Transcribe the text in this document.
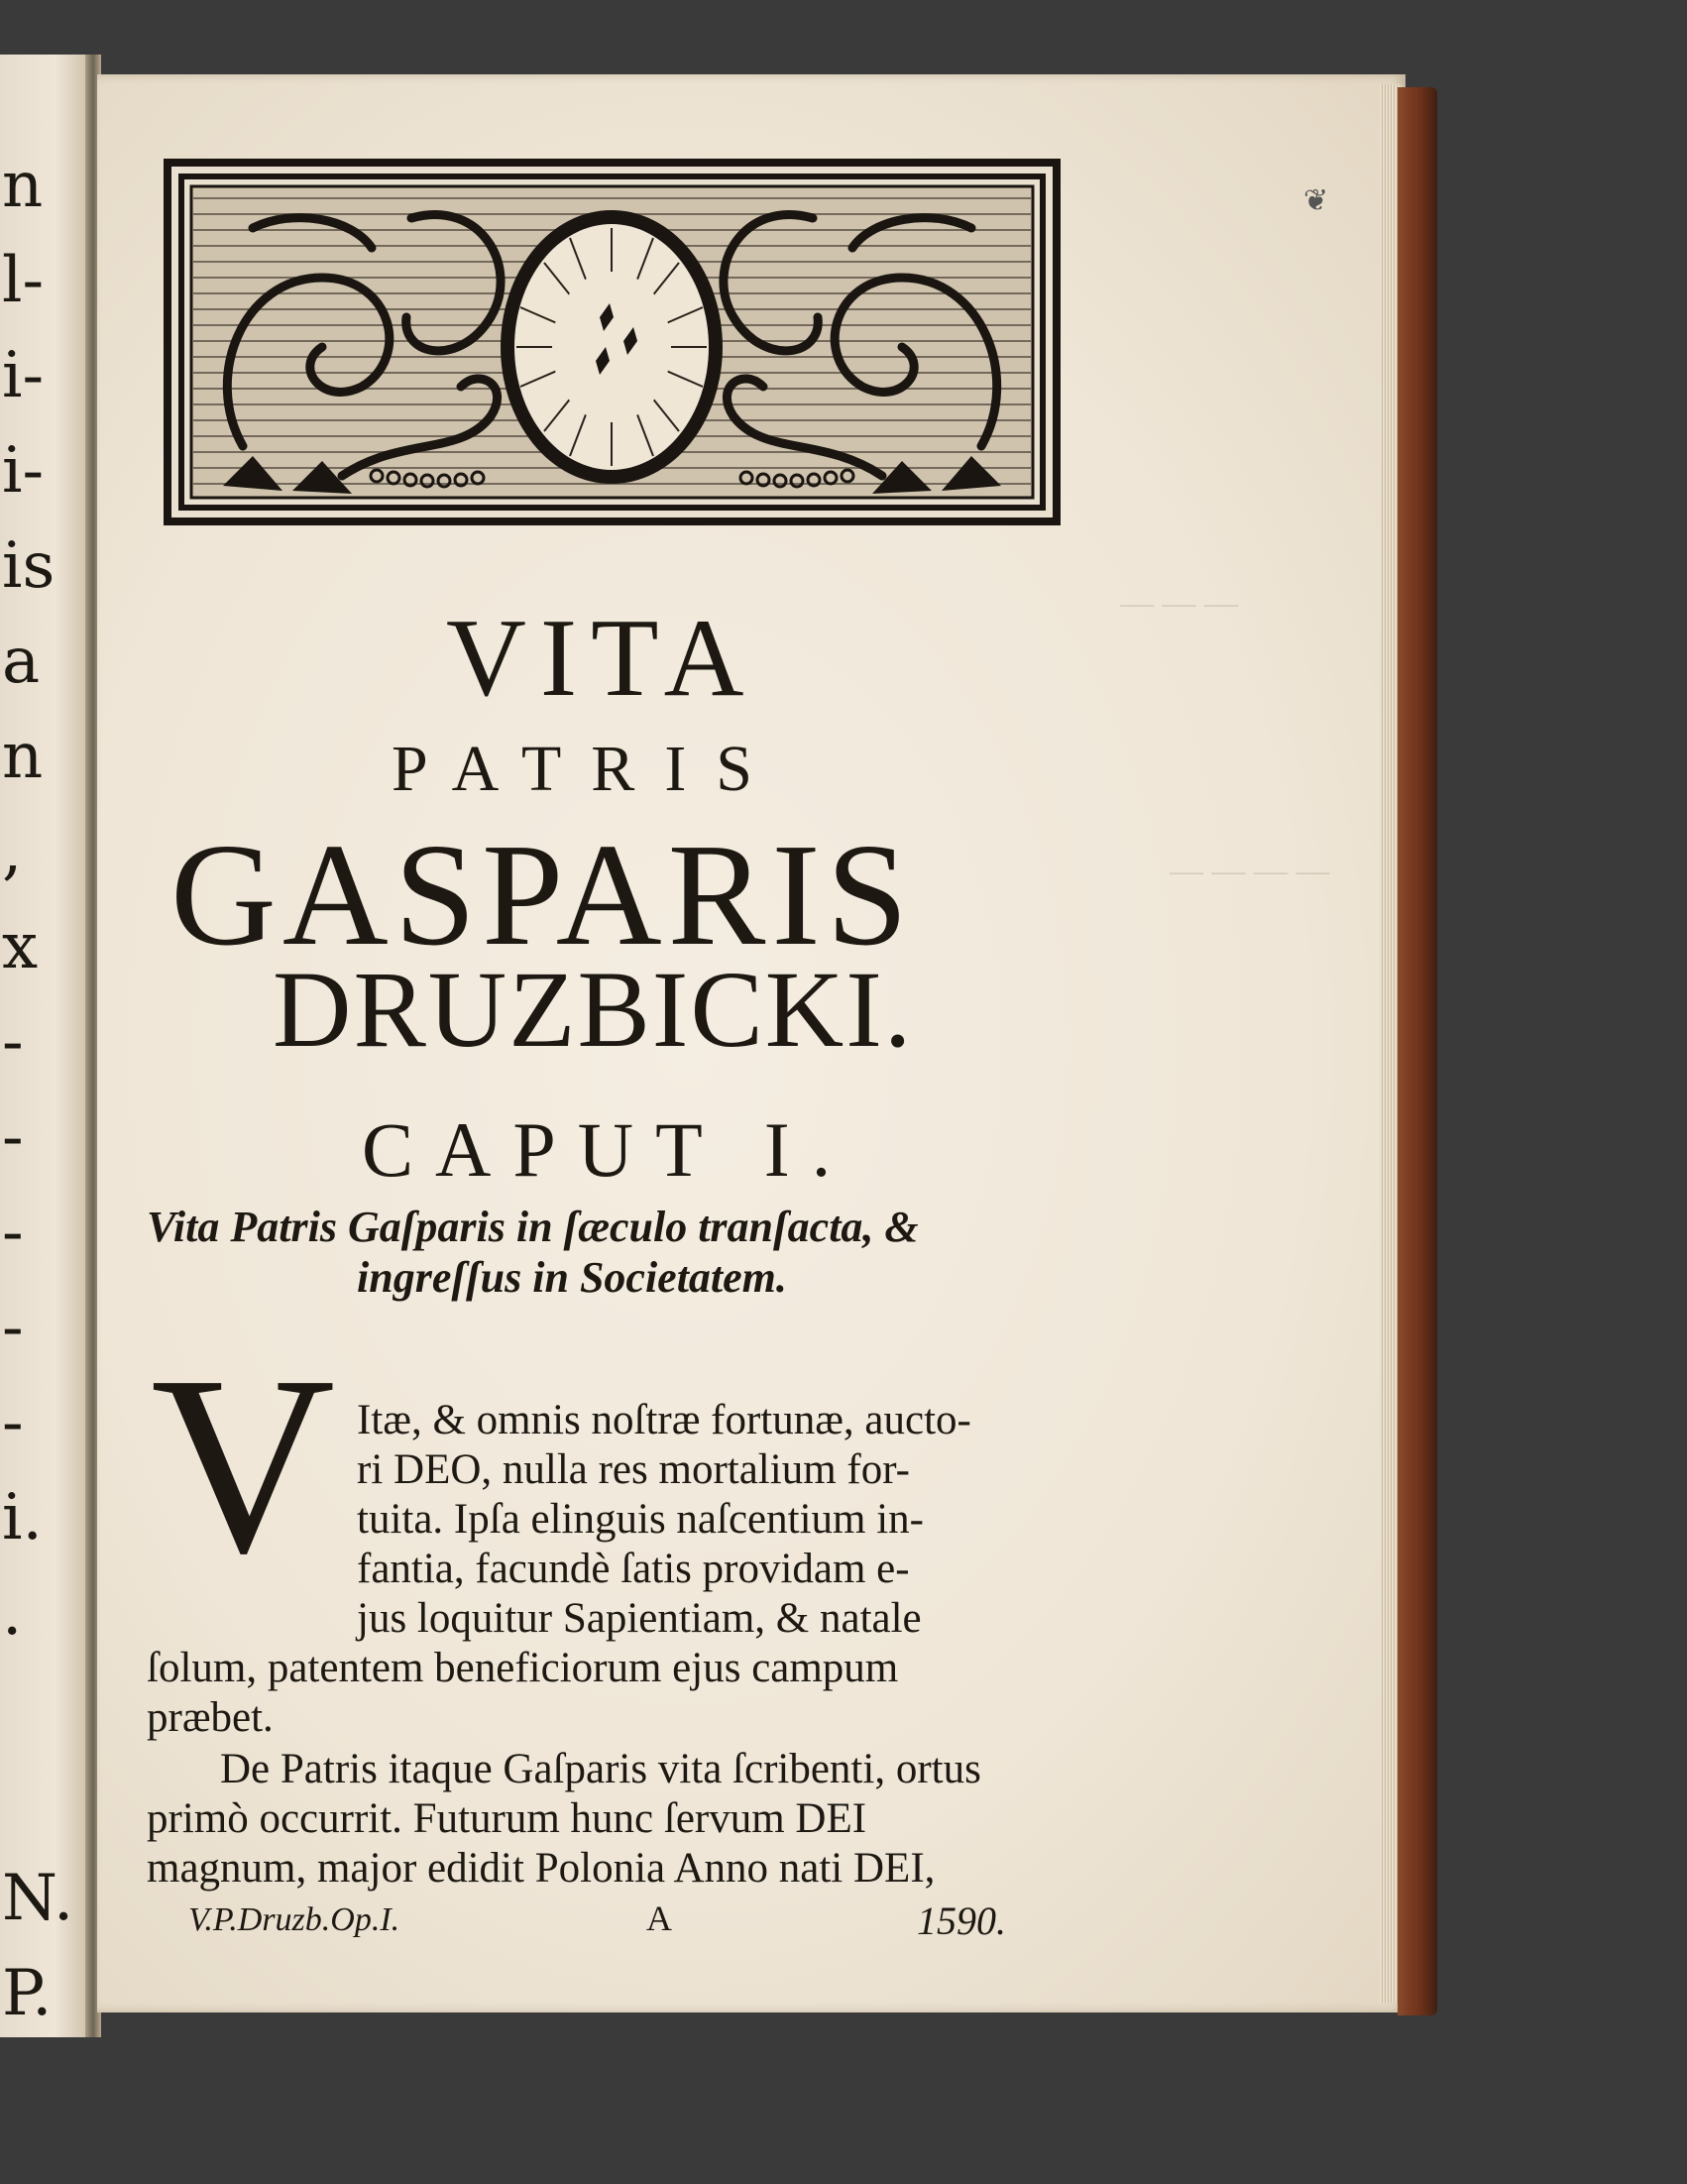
n
l-
i-
i-
is
a
n
,
x
-
-
-
-
-
i.
.
N.
P.
— — —
— — — —
❦
VITA
PATRIS
GASPARIS
DRUZBICKI.
CAPUT I.
Vita Patris Gaſparis in ſæculo tranſacta, &
ingreſſus in Societatem.
V Itæ, & omnis noſtræ fortunæ, aucto-
ri DEO, nulla res mortalium for-
tuita. Ipſa elinguis naſcentium in-
fantia, facundè ſatis providam e-
jus loquitur Sapientiam, & natale
ſolum, patentem beneficiorum ejus campum
præbet.
De Patris itaque Gaſparis vita ſcribenti, ortus
primò occurrit. Futurum hunc ſervum DEI
magnum, major edidit Polonia Anno nati DEI,
V.P.Druzb.Op.I.	A	1590.
